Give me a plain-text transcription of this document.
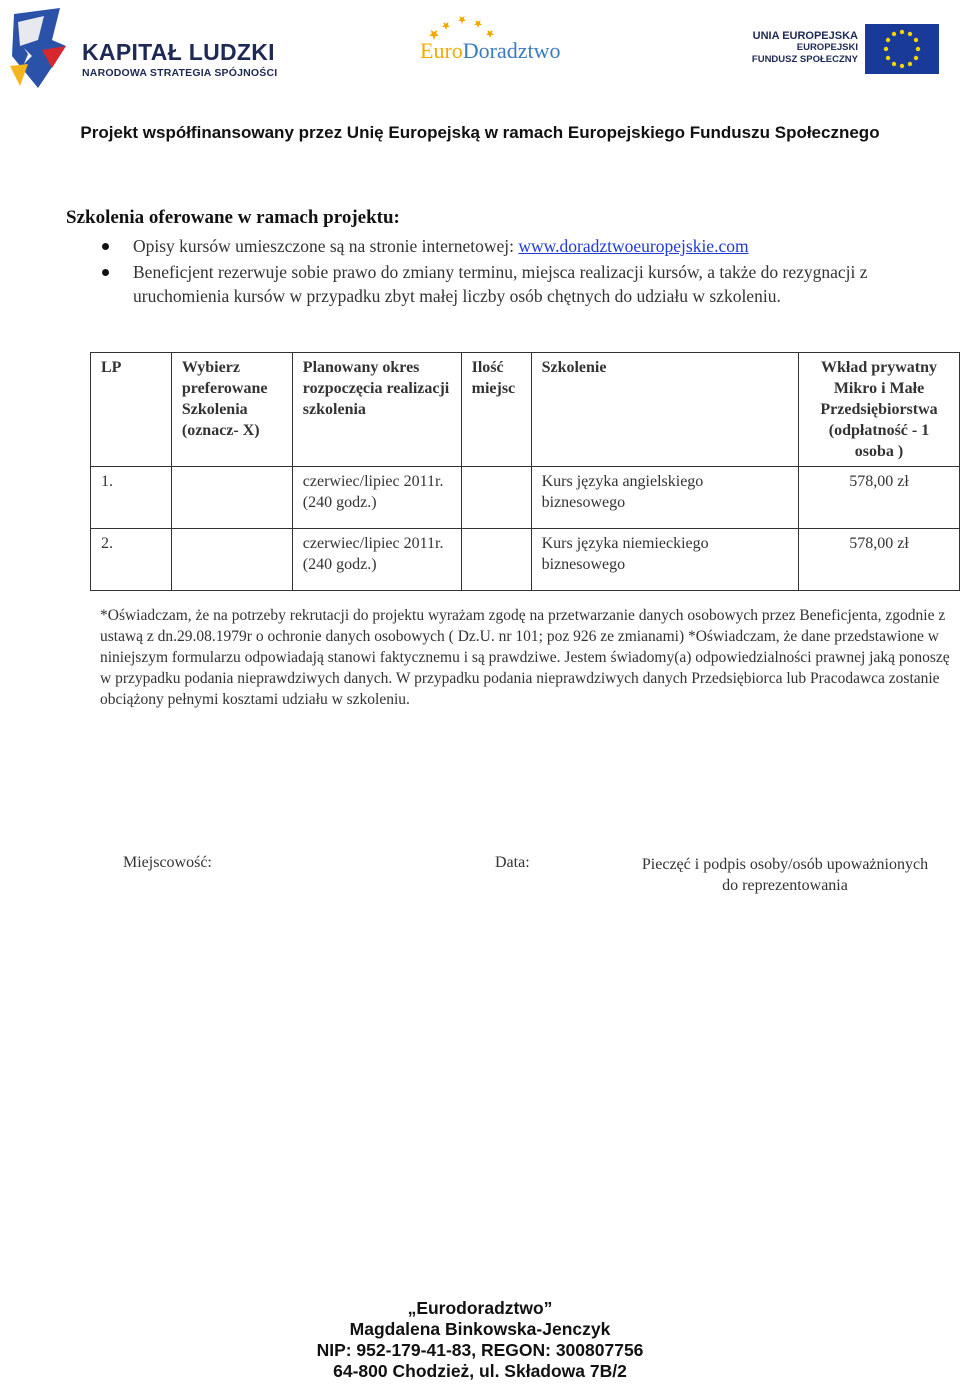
KAPITAŁ LUDZKI
NARODOWA STRATEGIA SPÓJNOŚCI
EuroDoradztwo
UNIA EUROPEJSKA
EUROPEJSKI
FUNDUSZ SPOŁECZNY
Projekt współfinansowany przez Unię Europejską w ramach Europejskiego Funduszu Społecznego
Szkolenia oferowane w ramach projektu:
Opisy kursów umieszczone są na stronie internetowej: www.doradztwoeuropejskie.com
Beneficjent rezerwuje sobie prawo do zmiany terminu, miejsca realizacji kursów, a także do rezygnacji z uruchomienia kursów w przypadku zbyt małej liczby osób chętnych do udziału w szkoleniu.
LP	Wybierz preferowane Szkolenia (oznacz- X)	Planowany okres rozpoczęcia realizacji szkolenia	Ilość miejsc	Szkolenie	Wkład prywatny Mikro i Małe Przedsiębiorstwa (odpłatność - 1 osoba )
1.		czerwiec/lipiec 2011r. (240 godz.)		Kurs języka angielskiego biznesowego	578,00 zł
2.		czerwiec/lipiec 2011r. (240 godz.)		Kurs języka niemieckiego biznesowego	578,00 zł
*Oświadczam, że na potrzeby rekrutacji do projektu wyrażam zgodę na przetwarzanie danych osobowych przez Beneficjenta, zgodnie z ustawą z dn.29.08.1979r o ochronie danych osobowych ( Dz.U. nr 101; poz 926 ze zmianami) *Oświadczam, że dane przedstawione w niniejszym formularzu odpowiadają stanowi faktycznemu i są prawdziwe. Jestem świadomy(a) odpowiedzialności prawnej jaką ponoszę w przypadku podania nieprawdziwych danych. W przypadku podania nieprawdziwych danych Przedsiębiorca lub Pracodawca zostanie obciążony pełnymi kosztami udziału w szkoleniu.
Miejscowość:	Data:	Pieczęć i podpis osoby/osób upoważnionych do reprezentowania
„Eurodoradztwo”
Magdalena Binkowska-Jenczyk
NIP: 952-179-41-83, REGON: 300807756
64-800 Chodzież, ul. Składowa 7B/2
